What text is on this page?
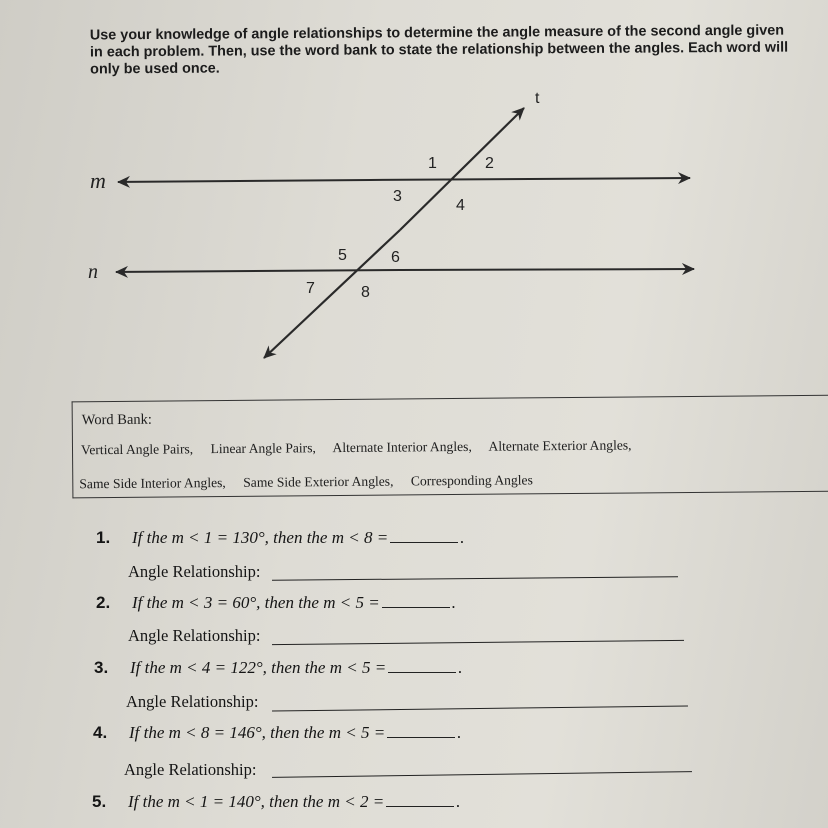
Use your knowledge of angle relationships to determine the angle measure of the second angle given in each problem. Then, use the word bank to state the relationship between the angles. Each word will only be used once.
t
m
n
1	2
3
4
5	6
7	8
Word Bank:
Vertical Angle Pairs, Linear Angle Pairs, Alternate Interior Angles, Alternate Exterior Angles,
Same Side Interior Angles, Same Side Exterior Angles, Corresponding Angles
1. If the m < 1 = 130°, then the m < 8 =	.
Angle Relationship:
2. If the m < 3 = 60°, then the m < 5 =	.
Angle Relationship:
3. If the m < 4 = 122°, then the m < 5 =	.
Angle Relationship:
4. If the m < 8 = 146°, then the m < 5 =	.
Angle Relationship:
5. If the m < 1 = 140°, then the m < 2 =	.
